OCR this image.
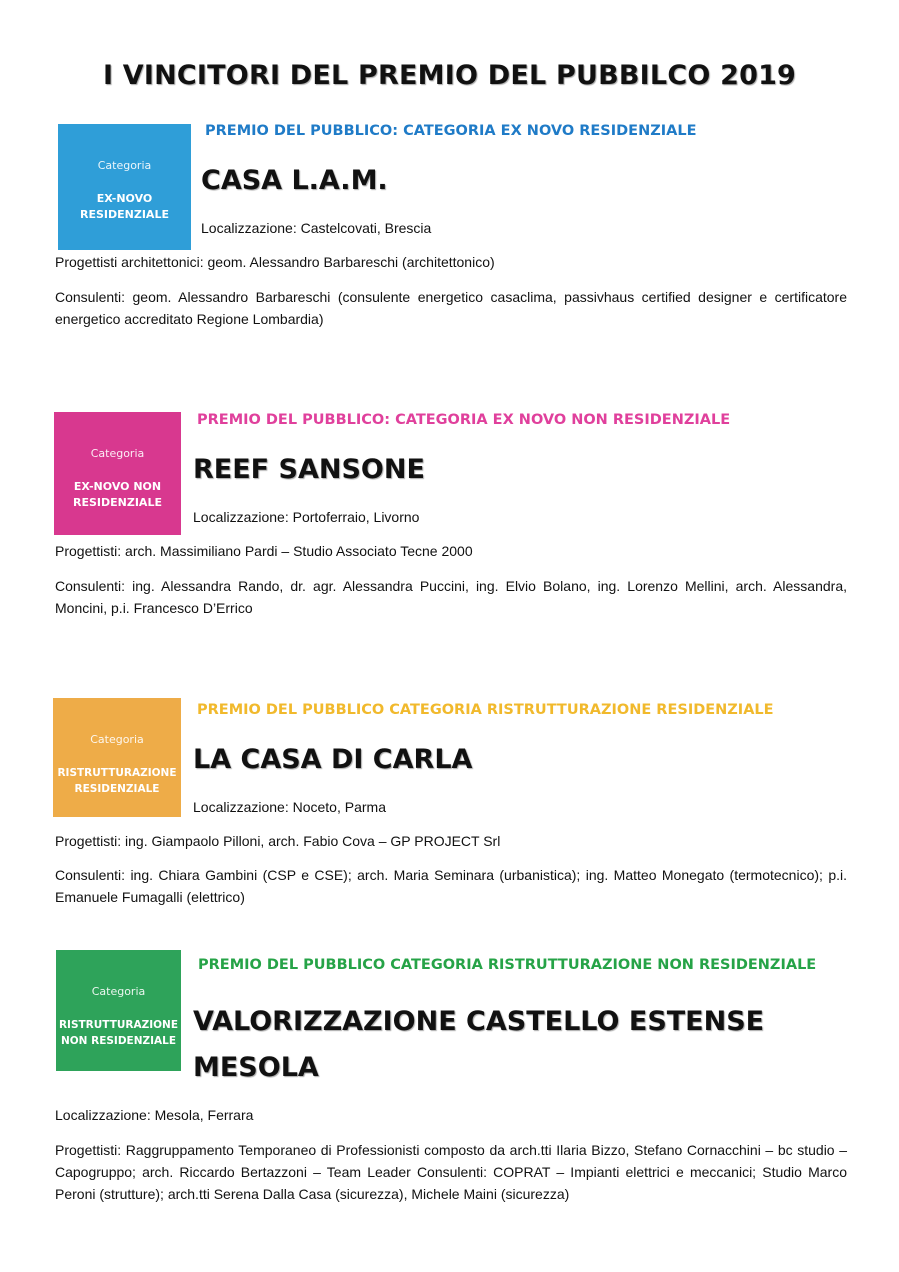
I VINCITORI DEL PREMIO DEL PUBBILCO 2019
Categoria
EX-NOVO
RESIDENZIALE
PREMIO DEL PUBBLICO: CATEGORIA EX NOVO RESIDENZIALE
CASA L.A.M.
Localizzazione: Castelcovati, Brescia
Progettisti architettonici: geom. Alessandro Barbareschi (architettonico)
Consulenti: geom. Alessandro Barbareschi (consulente energetico casaclima, passivhaus certified designer e certificatore energetico accreditato Regione Lombardia)
Categoria
EX-NOVO NON
RESIDENZIALE
PREMIO DEL PUBBLICO: CATEGORIA EX NOVO NON RESIDENZIALE
REEF SANSONE
Localizzazione: Portoferraio, Livorno
Progettisti: arch. Massimiliano Pardi – Studio Associato Tecne 2000
Consulenti: ing. Alessandra Rando, dr. agr. Alessandra Puccini, ing. Elvio Bolano, ing. Lorenzo Mellini, arch. Alessandra, Moncini, p.i. Francesco D’Errico
Categoria
RISTRUTTURAZIONE
RESIDENZIALE
PREMIO DEL PUBBLICO CATEGORIA RISTRUTTURAZIONE RESIDENZIALE
LA CASA DI CARLA
Localizzazione: Noceto, Parma
Progettisti: ing. Giampaolo Pilloni, arch. Fabio Cova – GP PROJECT Srl
Consulenti: ing. Chiara Gambini (CSP e CSE); arch. Maria Seminara (urbanistica); ing. Matteo Monegato (termotecnico); p.i. Emanuele Fumagalli (elettrico)
Categoria
RISTRUTTURAZIONE
NON RESIDENZIALE
PREMIO DEL PUBBLICO CATEGORIA RISTRUTTURAZIONE NON RESIDENZIALE
VALORIZZAZIONE CASTELLO ESTENSE
MESOLA
Localizzazione: Mesola, Ferrara
Progettisti: Raggruppamento Temporaneo di Professionisti composto da arch.tti Ilaria Bizzo, Stefano Cornacchini – bc studio – Capogruppo; arch. Riccardo Bertazzoni – Team Leader Consulenti: COPRAT – Impianti elettrici e meccanici; Studio Marco Peroni (strutture); arch.tti Serena Dalla Casa (sicurezza), Michele Maini (sicurezza)
